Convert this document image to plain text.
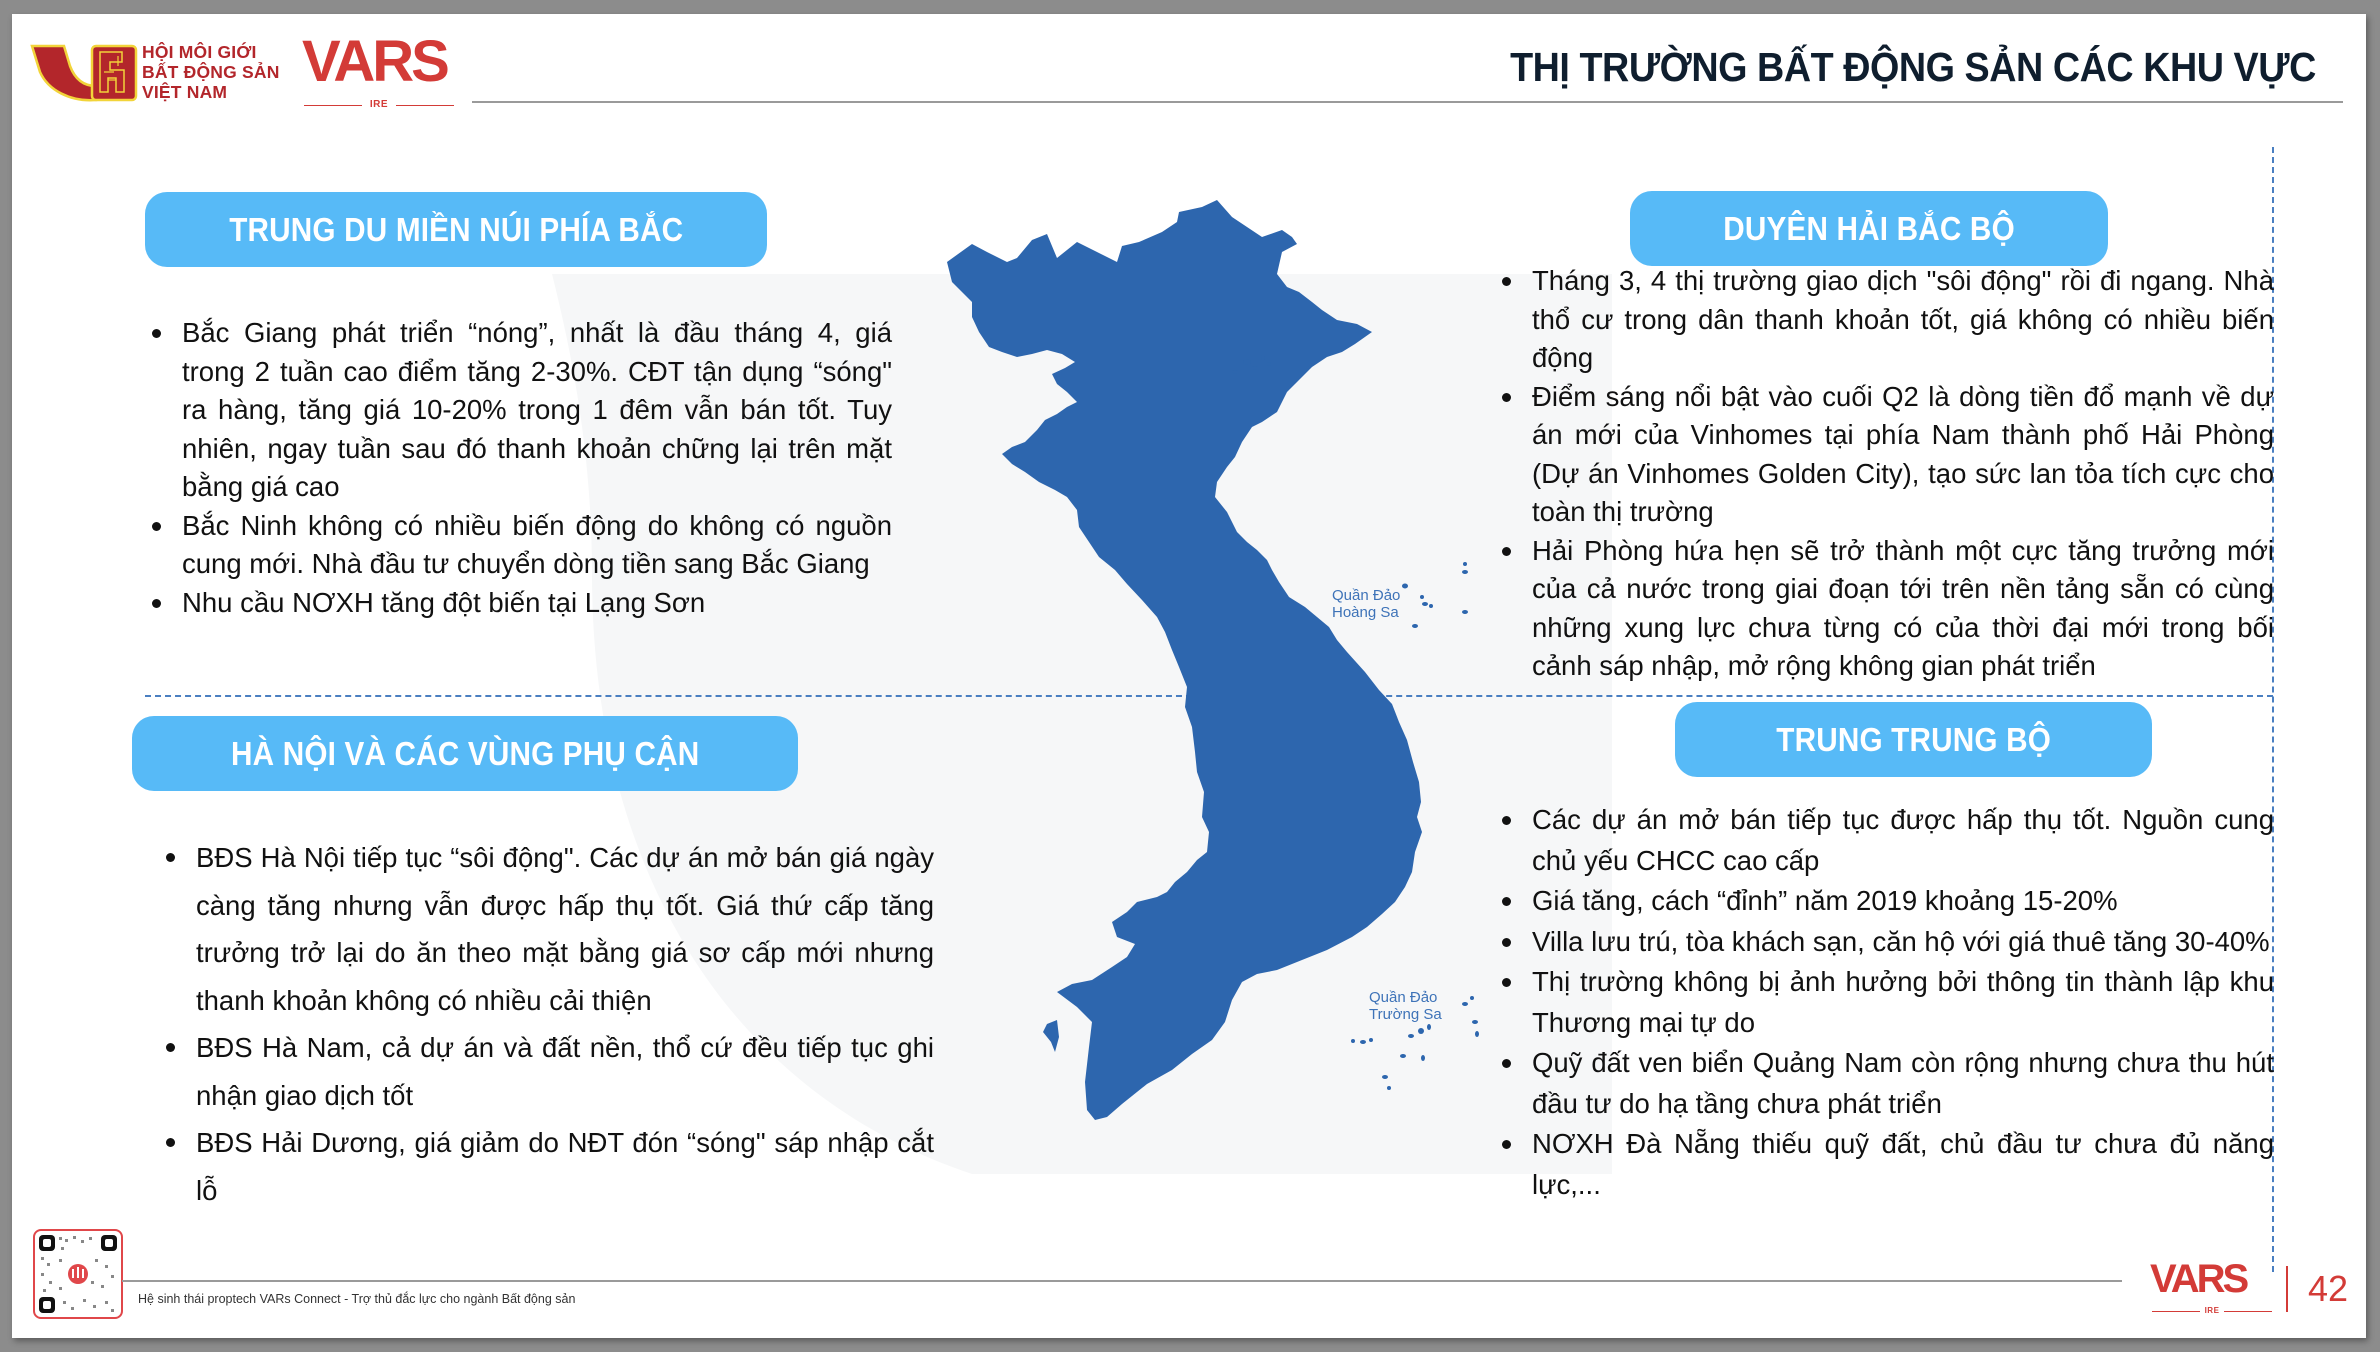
HỘI MÔI GIỚI
BẤT ĐỘNG SẢN
VIỆT NAM	VARS
IRE
THỊ TRƯỜNG BẤT ĐỘNG SẢN CÁC KHU VỰC
Quần Đảo
Hoàng Sa
Quần Đảo
Trường Sa
TRUNG DU MIỀN NÚI PHÍA BẮC
Bắc Giang phát triển “nóng”, nhất là đầu tháng 4, giá trong 2 tuần cao điểm tăng 2-30%. CĐT tận dụng “sóng" ra hàng, tăng giá 10-20% trong 1 đêm vẫn bán tốt. Tuy nhiên, ngay tuần sau đó thanh khoản chững lại trên mặt bằng giá cao
Bắc Ninh không có nhiều biến động do không có nguồn cung mới. Nhà đầu tư chuyển dòng tiền sang Bắc Giang
Nhu cầu NƠXH tăng đột biến tại Lạng Sơn
HÀ NỘI VÀ CÁC VÙNG PHỤ CẬN
BĐS Hà Nội tiếp tục “sôi động". Các dự án mở bán giá ngày càng tăng nhưng vẫn được hấp thụ tốt. Giá thứ cấp tăng trưởng trở lại do ăn theo mặt bằng giá sơ cấp mới nhưng thanh khoản không có nhiều cải thiện
BĐS Hà Nam, cả dự án và đất nền, thổ cứ đều tiếp tục ghi nhận giao dịch tốt
BĐS Hải Dương, giá giảm do NĐT đón “sóng" sáp nhập cắt lỗ
DUYÊN HẢI BẮC BỘ
Tháng 3, 4 thị trường giao dịch "sôi động" rồi đi ngang. Nhà thổ cư trong dân thanh khoản tốt, giá không có nhiều biến động
Điểm sáng nổi bật vào cuối Q2 là dòng tiền đổ mạnh về dự án mới của Vinhomes tại phía Nam thành phố Hải Phòng (Dự án Vinhomes Golden City), tạo sức lan tỏa tích cực cho toàn thị trường
Hải Phòng hứa hẹn sẽ trở thành một cực tăng trưởng mới của cả nước trong giai đoạn tới trên nền tảng sẵn có cùng những xung lực chưa từng có của thời đại mới trong bối cảnh sáp nhập, mở rộng không gian phát triển
TRUNG TRUNG BỘ
Các dự án mở bán tiếp tục được hấp thụ tốt. Nguồn cung chủ yếu CHCC cao cấp
Giá tăng, cách “đỉnh” năm 2019 khoảng 15-20%
Villa lưu trú, tòa khách sạn, căn hộ với giá thuê tăng 30-40%
Thị trường không bị ảnh hưởng bởi thông tin thành lập khu Thương mại tự do
Quỹ đất ven biển Quảng Nam còn rộng nhưng chưa thu hút đầu tư do hạ tầng chưa phát triển
NƠXH Đà Nẵng thiếu quỹ đất, chủ đầu tư chưa đủ năng lực,...
Hệ sinh thái proptech VARs Connect - Trợ thủ đắc lực cho ngành Bất động sản	VARS
IRE
42
